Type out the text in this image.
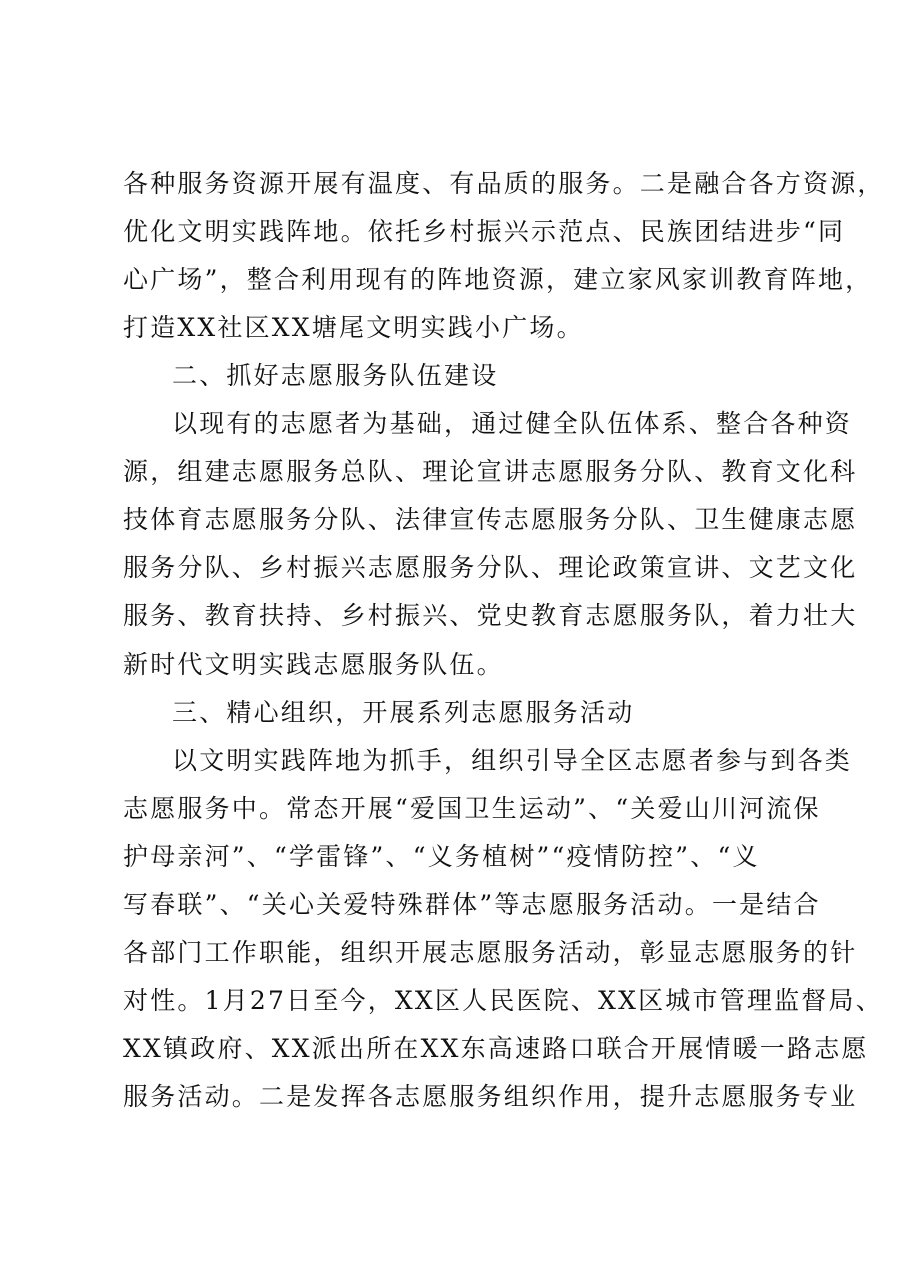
各种服务资源开展有温度、有品质的服务。二是融合各方资源，
优化文明实践阵地。依托乡村振兴示范点、民族团结进步“同
心广场”，整合利用现有的阵地资源，建立家风家训教育阵地，
打造XX社区XX塘尾文明实践小广场。
二、抓好志愿服务队伍建设
以现有的志愿者为基础，通过健全队伍体系、整合各种资
源，组建志愿服务总队、理论宣讲志愿服务分队、教育文化科
技体育志愿服务分队、法律宣传志愿服务分队、卫生健康志愿
服务分队、乡村振兴志愿服务分队、理论政策宣讲、文艺文化
服务、教育扶持、乡村振兴、党史教育志愿服务队，着力壮大
新时代文明实践志愿服务队伍。
三、精心组织，开展系列志愿服务活动
以文明实践阵地为抓手，组织引导全区志愿者参与到各类
志愿服务中。常态开展“爱国卫生运动”、“关爱山川河流保
护母亲河”、“学雷锋”、“义务植树”“疫情防控”、“义
写春联”、“关心关爱特殊群体”等志愿服务活动。一是结合
各部门工作职能，组织开展志愿服务活动，彰显志愿服务的针
对性。1月27日至今，XX区人民医院、XX区城市管理监督局、
XX镇政府、XX派出所在XX东高速路口联合开展情暖一路志愿
服务活动。二是发挥各志愿服务组织作用，提升志愿服务专业
